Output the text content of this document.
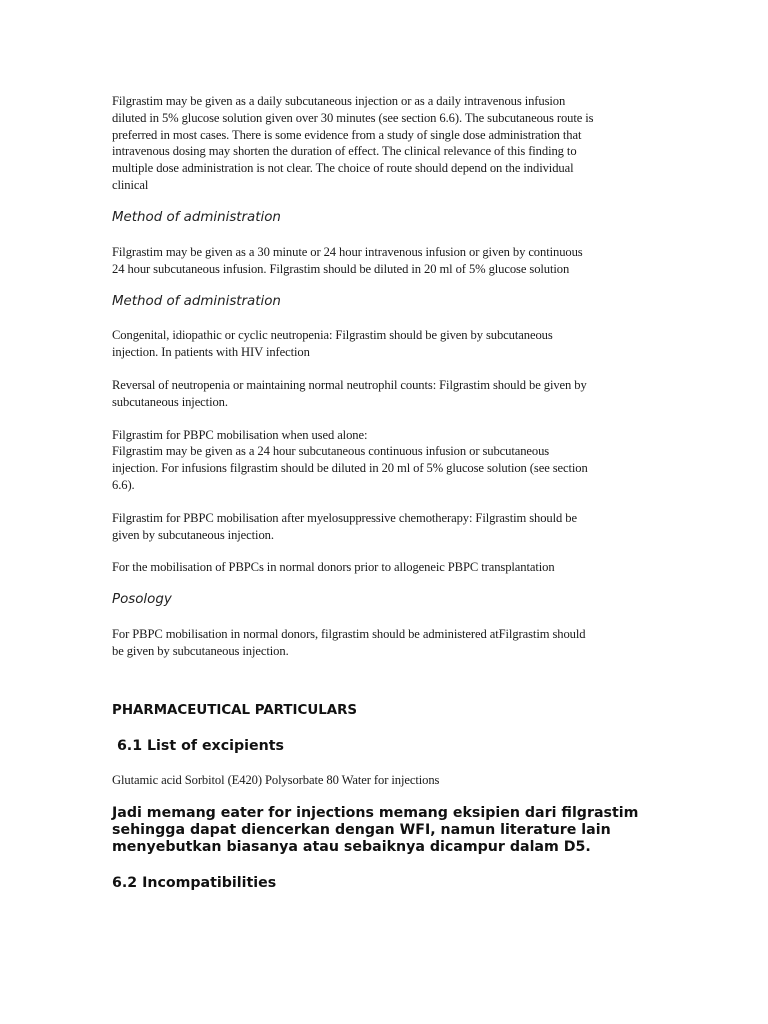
Filgrastim may be given as a daily subcutaneous injection or as a daily intravenous infusion
diluted in 5% glucose solution given over 30 minutes (see section 6.6). The subcutaneous route is
preferred in most cases. There is some evidence from a study of single dose administration that
intravenous dosing may shorten the duration of effect. The clinical relevance of this finding to
multiple dose administration is not clear. The choice of route should depend on the individual
clinical

Method of administration

Filgrastim may be given as a 30 minute or 24 hour intravenous infusion or given by continuous
24 hour subcutaneous infusion. Filgrastim should be diluted in 20 ml of 5% glucose solution

Method of administration

Congenital, idiopathic or cyclic neutropenia: Filgrastim should be given by subcutaneous
injection. In patients with HIV infection

Reversal of neutropenia or maintaining normal neutrophil counts: Filgrastim should be given by
subcutaneous injection.

Filgrastim for PBPC mobilisation when used alone:
Filgrastim may be given as a 24 hour subcutaneous continuous infusion or subcutaneous
injection. For infusions filgrastim should be diluted in 20 ml of 5% glucose solution (see section
6.6).

Filgrastim for PBPC mobilisation after myelosuppressive chemotherapy: Filgrastim should be
given by subcutaneous injection.

For the mobilisation of PBPCs in normal donors prior to allogeneic PBPC transplantation

Posology

For PBPC mobilisation in normal donors, filgrastim should be administered atFilgrastim should
be given by subcutaneous injection.

PHARMACEUTICAL PARTICULARS

6.1 List of excipients

Glutamic acid Sorbitol (E420) Polysorbate 80 Water for injections

Jadi memang eater for injections memang eksipien dari filgrastim
sehingga dapat diencerkan dengan WFI, namun literature lain
menyebutkan biasanya atau sebaiknya dicampur dalam D5.

6.2 Incompatibilities
